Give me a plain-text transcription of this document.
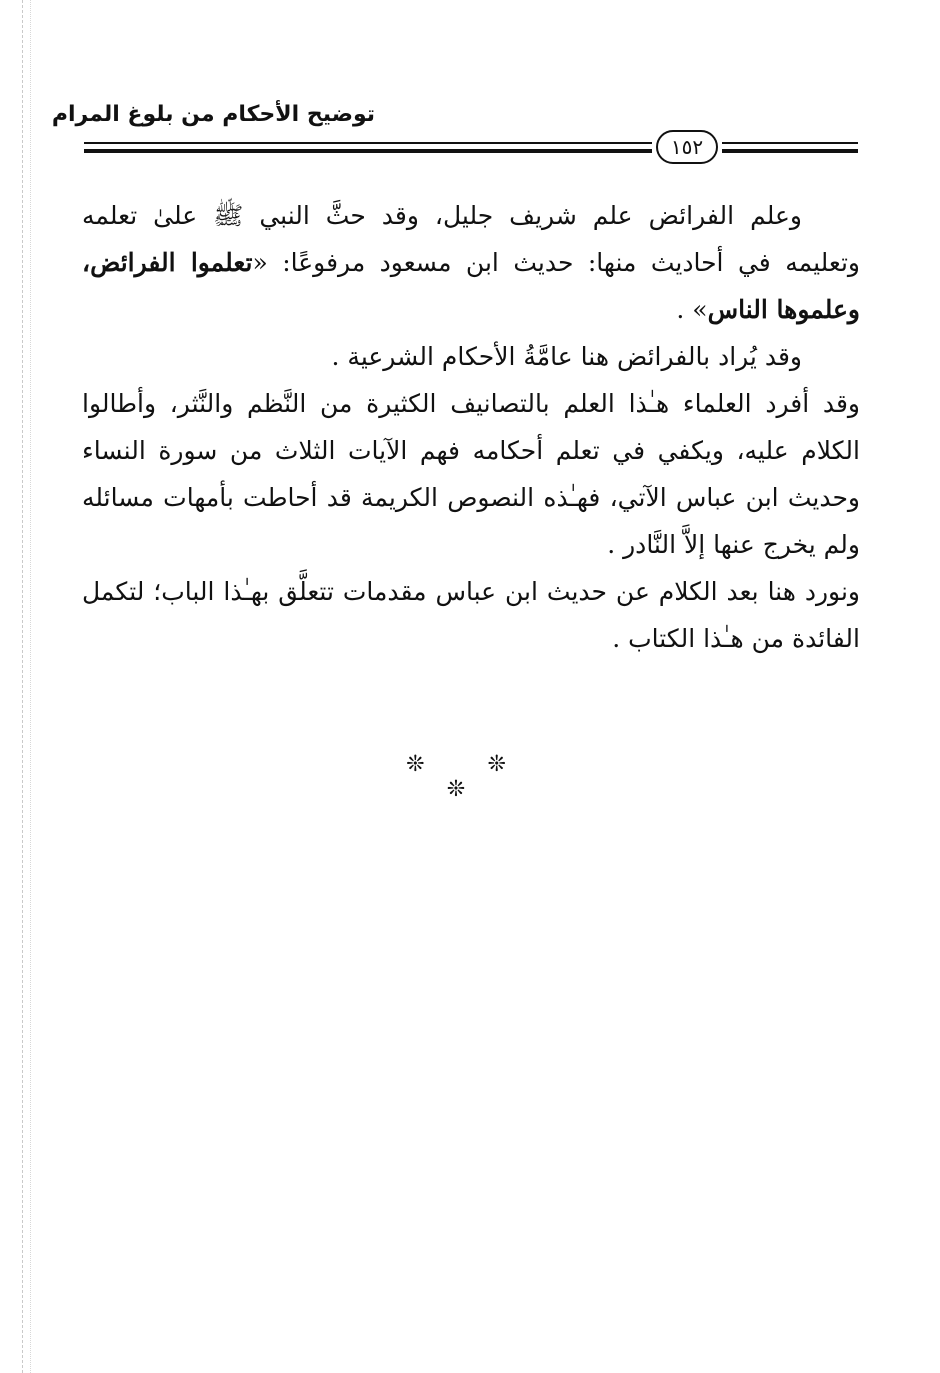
توضيح الأحكام من بلوغ المرام
١٥٢

وعلم الفرائض علم شريف جليل، وقد حثَّ النبي ﷺ علىٰ تعلمه وتعليمه في أحاديث منها: حديث ابن مسعود مرفوعًا: «تعلموا الفرائض، وعلموها الناس» .

وقد يُراد بالفرائض هنا عامَّةُ الأحكام الشرعية .

وقد أفرد العلماء هـٰذا العلم بالتصانيف الكثيرة من النَّظم والنَّثر، وأطالوا الكلام عليه، ويكفي في تعلم أحكامه فهم الآيات الثلاث من سورة النساء وحديث ابن عباس الآتي، فهـٰذه النصوص الكريمة قد أحاطت بأمهات مسائله ولم يخرج عنها إلاَّ النَّادر .

ونورد هنا بعد الكلام عن حديث ابن عباس مقدمات تتعلَّق بهـٰذا الباب؛ لتكمل الفائدة من هـٰذا الكتاب .

❊ ❊ ❊
